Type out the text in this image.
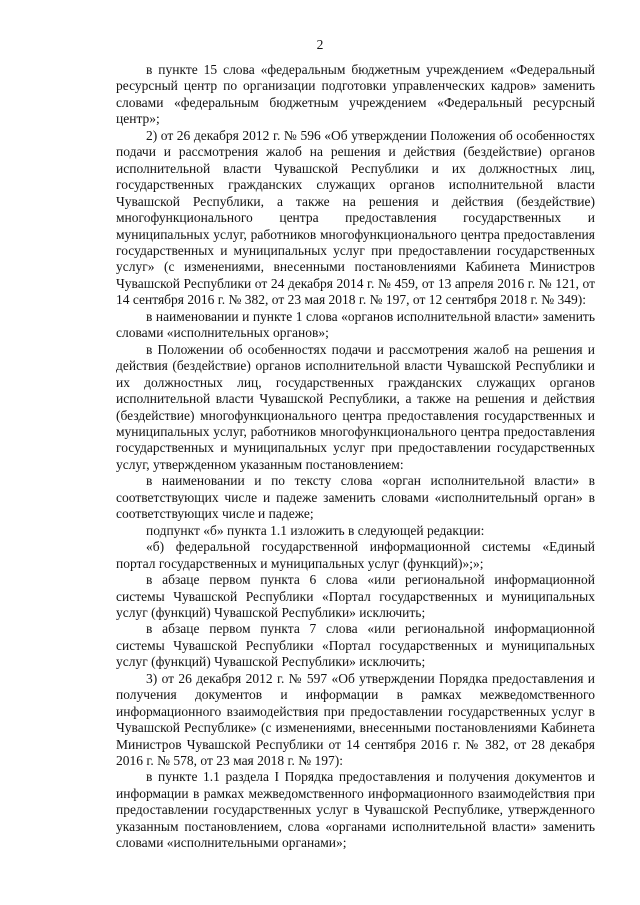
2

в пункте 15 слова «федеральным бюджетным учреждением «Федеральный ресурсный центр по организации подготовки управленческих кадров» заменить словами «федеральным бюджетным учреждением «Федеральный ресурсный центр»;

2) от 26 декабря 2012 г. № 596 «Об утверждении Положения об особенностях подачи и рассмотрения жалоб на решения и действия (бездействие) органов исполнительной власти Чувашской Республики и их должностных лиц, государственных гражданских служащих органов исполнительной власти Чувашской Республики, а также на решения и действия (бездействие) многофункционального центра предоставления государственных и муниципальных услуг, работников многофункционального центра предоставления государственных и муниципальных услуг при предоставлении государственных услуг» (с изменениями, внесенными постановлениями Кабинета Министров Чувашской Республики от 24 декабря 2014 г. № 459, от 13 апреля 2016 г. № 121, от 14 сентября 2016 г. № 382, от 23 мая 2018 г. № 197, от 12 сентября 2018 г. № 349):

в наименовании и пункте 1 слова «органов исполнительной власти» заменить словами «исполнительных органов»;

в Положении об особенностях подачи и рассмотрения жалоб на решения и действия (бездействие) органов исполнительной власти Чувашской Республики и их должностных лиц, государственных гражданских служащих органов исполнительной власти Чувашской Республики, а также на решения и действия (бездействие) многофункционального центра предоставления государственных и муниципальных услуг, работников многофункционального центра предоставления государственных и муниципальных услуг при предоставлении государственных услуг, утвержденном указанным постановлением:

в наименовании и по тексту слова «орган исполнительной власти» в соответствующих числе и падеже заменить словами «исполнительный орган» в соответствующих числе и падеже;

подпункт «б» пункта 1.1 изложить в следующей редакции:

«б) федеральной государственной информационной системы «Единый портал государственных и муниципальных услуг (функций)»;»;

в абзаце первом пункта 6 слова «или региональной информационной системы Чувашской Республики «Портал государственных и муниципальных услуг (функций) Чувашской Республики» исключить;

в абзаце первом пункта 7 слова «или региональной информационной системы Чувашской Республики «Портал государственных и муниципальных услуг (функций) Чувашской Республики» исключить;

3) от 26 декабря 2012 г. № 597 «Об утверждении Порядка предоставления и получения документов и информации в рамках межведомственного информационного взаимодействия при предоставлении государственных услуг в Чувашской Республике» (с изменениями, внесенными постановлениями Кабинета Министров Чувашской Республики от 14 сентября 2016 г. № 382, от 28 декабря 2016 г. № 578, от 23 мая 2018 г. № 197):

в пункте 1.1 раздела I Порядка предоставления и получения документов и информации в рамках межведомственного информационного взаимодействия при предоставлении государственных услуг в Чувашской Республике, утвержденного указанным постановлением, слова «органами исполнительной власти» заменить словами «исполнительными органами»;
